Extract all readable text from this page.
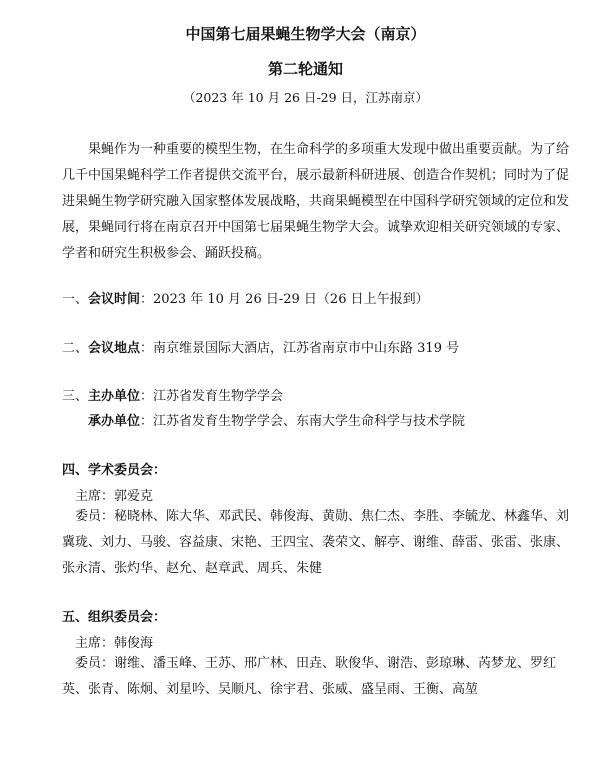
中国第七届果蝇生物学大会（南京）
第二轮通知
（2023 年 10 月 26 日-29 日，江苏南京）

果蝇作为一种重要的模型生物，在生命科学的多项重大发现中做出重要贡献。为了给几千中国果蝇科学工作者提供交流平台，展示最新科研进展、创造合作契机；同时为了促进果蝇生物学研究融入国家整体发展战略，共商果蝇模型在中国科学研究领域的定位和发展，果蝇同行将在南京召开中国第七届果蝇生物学大会。诚挚欢迎相关研究领域的专家、学者和研究生积极参会、踊跃投稿。

一、会议时间：2023 年 10 月 26 日-29 日（26 日上午报到）
二、会议地点：南京维景国际大酒店，江苏省南京市中山东路 319 号
三、主办单位：江苏省发育生物学学会
承办单位：江苏省发育生物学学会、东南大学生命科学与技术学院
四、学术委员会：
主席：郭爱克

委员：秘晓林、陈大华、邓武民、韩俊海、黄勋、焦仁杰、李胜、李毓龙、林鑫华、刘冀珑、刘力、马骏、容益康、宋艳、王四宝、袭荣文、解亭、谢维、薛雷、张雷、张康、张永清、张灼华、赵允、赵章武、周兵、朱健

五、组织委员会：
主席：韩俊海

委员：谢维、潘玉峰、王苏、邢广林、田垚、耿俊华、谢浩、彭琼琳、芮梦龙、罗红英、张青、陈炯、刘星吟、吴顺凡、徐宇君、张威、盛呈雨、王衡、高堃
